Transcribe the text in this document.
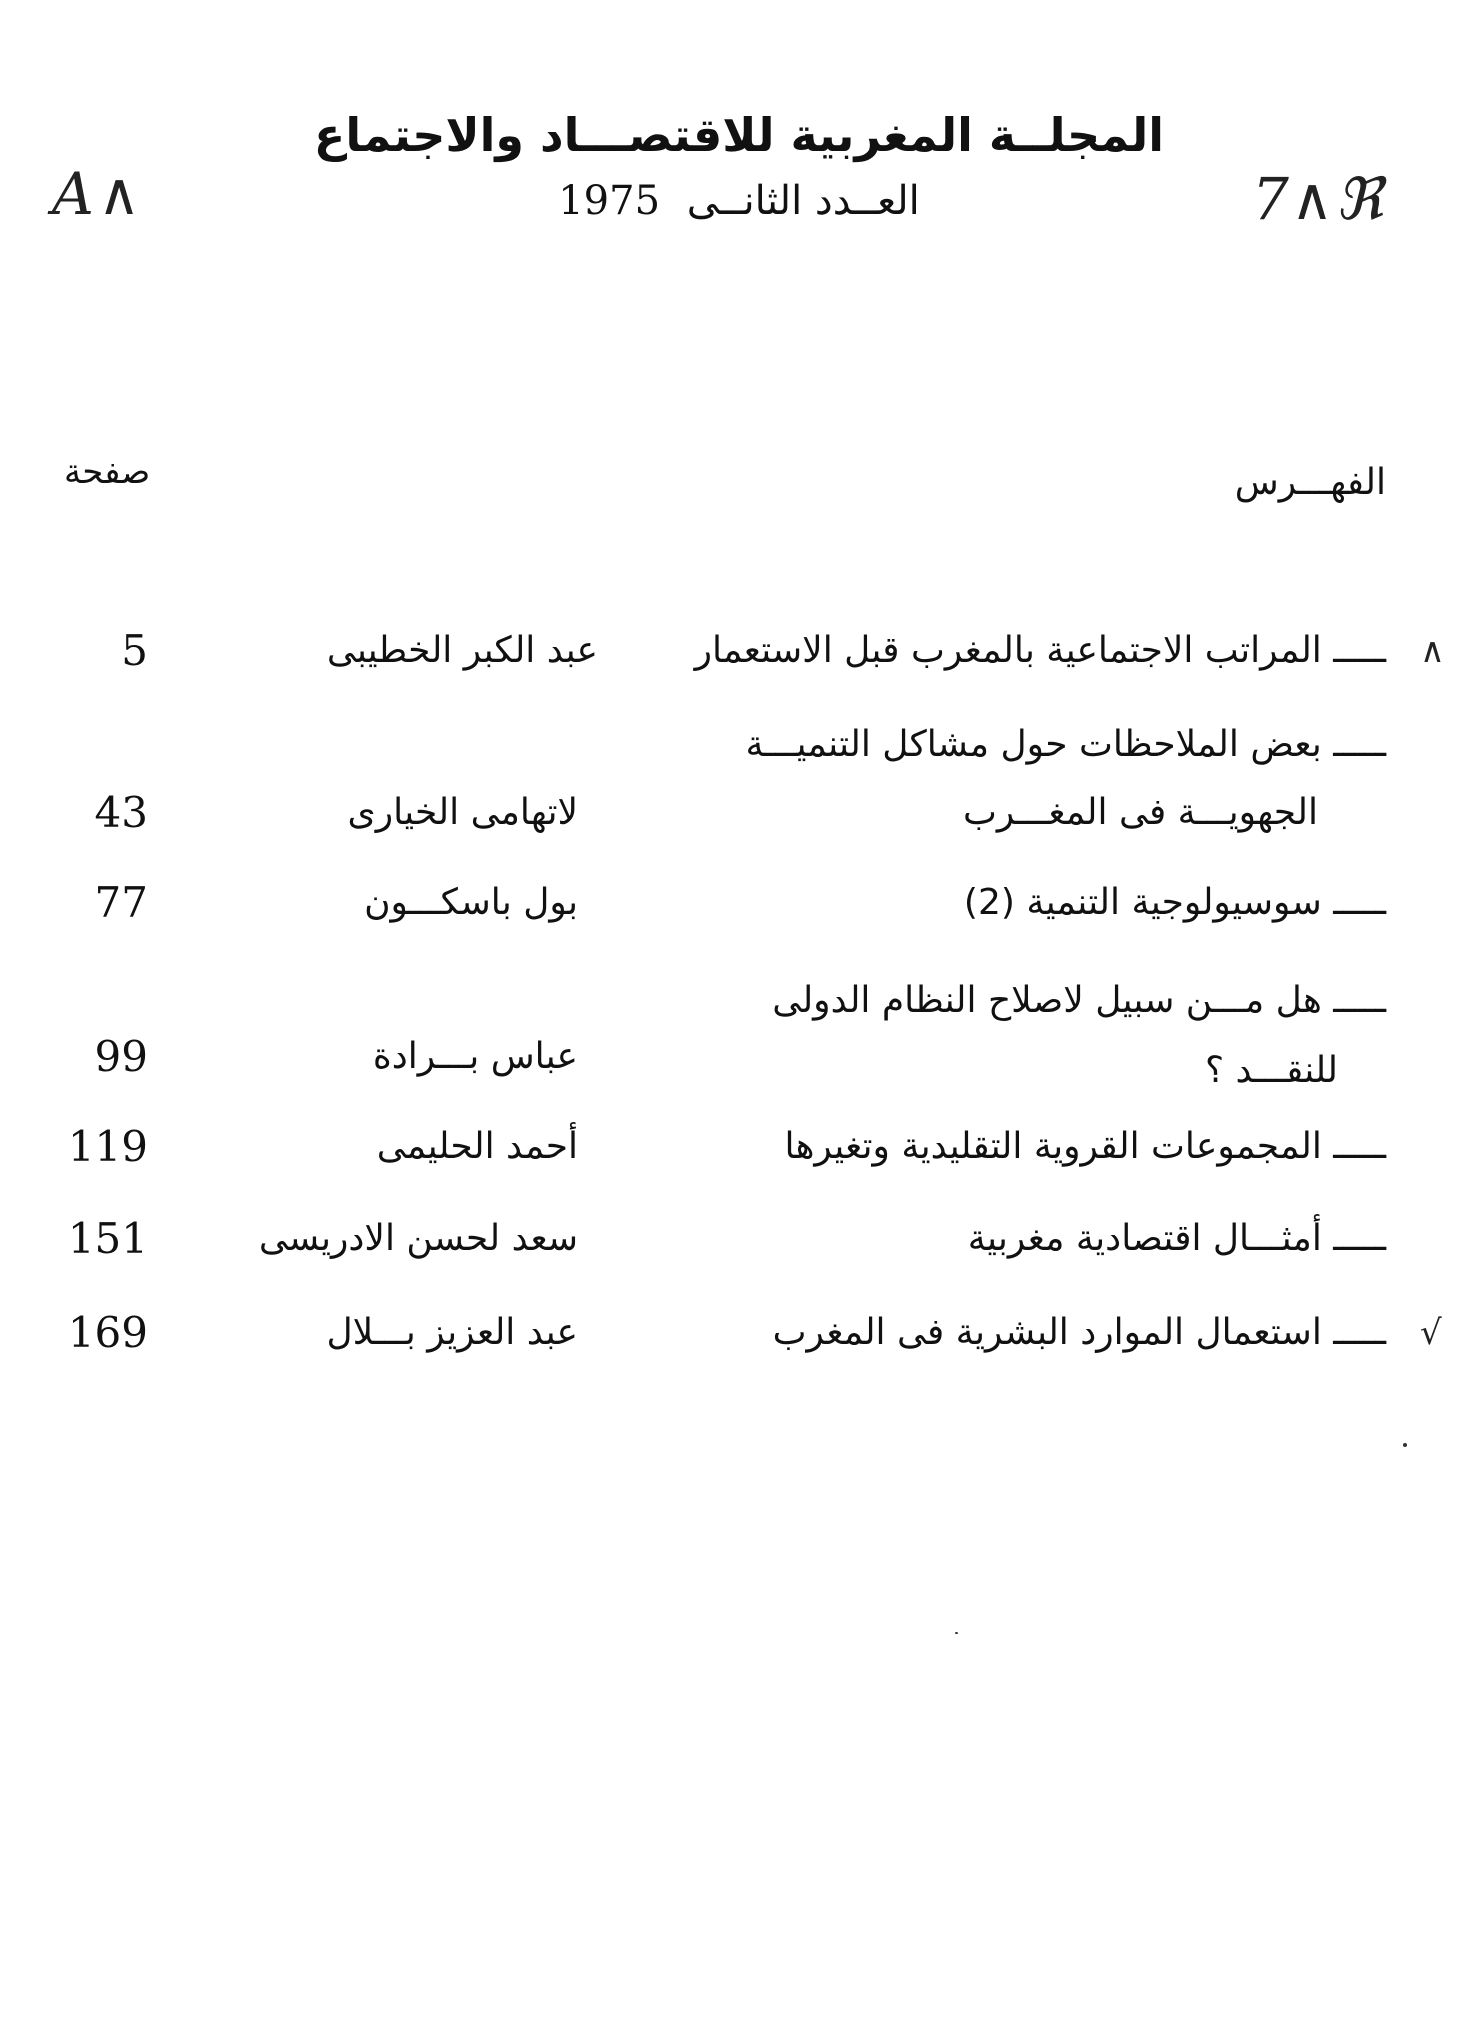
المجلــة المغربية للاقتصـــاد والاجتماع
العــدد الثانــى 1975
A∧	7∧ℜ
صفحة	الفهـــرس
∧
ـــــ المراتب الاجتماعية بالمغرب قبل الاستعمار
عبد الكبر الخطيبى
5
ـــــ بعض الملاحظات حول مشاكل التنميـــة
الجهويـــة فى المغـــرب
لاتهامى الخيارى
43
ـــــ سوسيولوجية التنمية (2)
بول باسكـــون
77
ـــــ هل مـــن سبيل لاصلاح النظام الدولى
للنقـــد ؟
عباس بـــرادة
99
ـــــ المجموعات القروية التقليدية وتغيرها
أحمد الحليمى
119
ـــــ أمثـــال اقتصادية مغربية
سعد لحسن الادريسى
151
√
ـــــ استعمال الموارد البشرية فى المغرب
عبد العزيز بـــلال
169
